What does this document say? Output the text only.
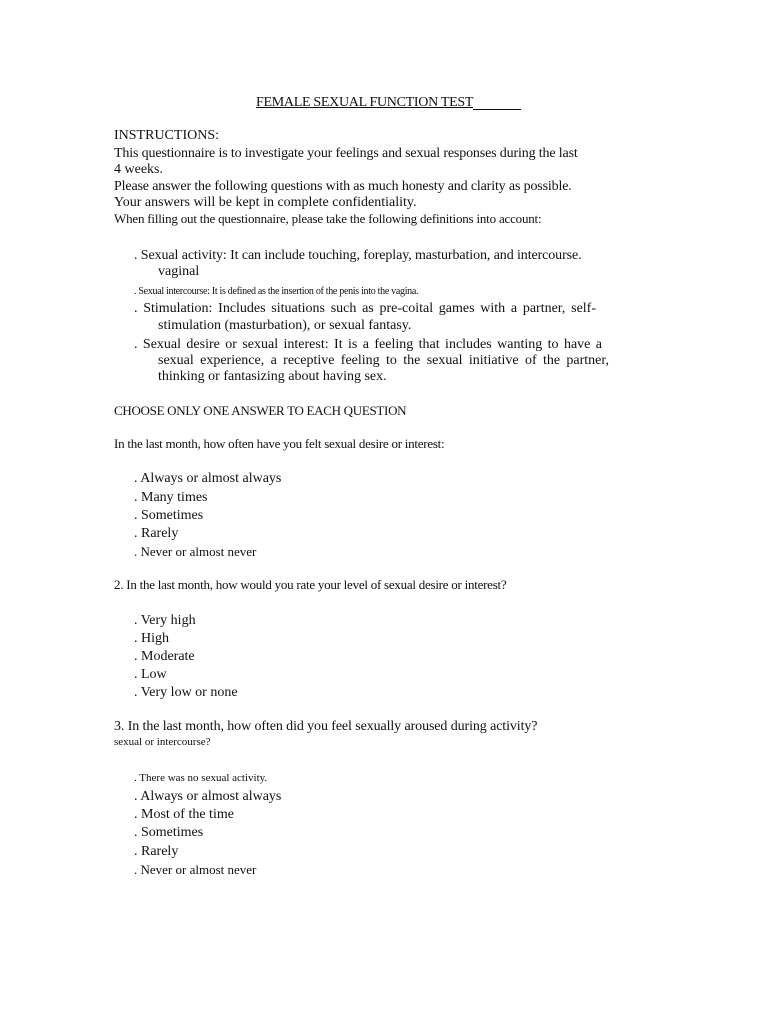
FEMALE SEXUAL FUNCTION TEST
INSTRUCTIONS:
This questionnaire is to investigate your feelings and sexual responses during the last
4 weeks.
Please answer the following questions with as much honesty and clarity as possible.
Your answers will be kept in complete confidentiality.
When filling out the questionnaire, please take the following definitions into account:
. Sexual activity: It can include touching, foreplay, masturbation, and intercourse.
vaginal
. Sexual intercourse: It is defined as the insertion of the penis into the vagina.
. Stimulation: Includes situations such as pre-coital games with a partner, self-
stimulation (masturbation), or sexual fantasy.
. Sexual desire or sexual interest: It is a feeling that includes wanting to have a
sexual experience, a receptive feeling to the sexual initiative of the partner,
thinking or fantasizing about having sex.
CHOOSE ONLY ONE ANSWER TO EACH QUESTION
In the last month, how often have you felt sexual desire or interest:
. Always or almost always
. Many times
. Sometimes
. Rarely
. Never or almost never
2. In the last month, how would you rate your level of sexual desire or interest?
. Very high
. High
. Moderate
. Low
. Very low or none
3. In the last month, how often did you feel sexually aroused during activity?
sexual or intercourse?
. There was no sexual activity.
. Always or almost always
. Most of the time
. Sometimes
. Rarely
. Never or almost never
